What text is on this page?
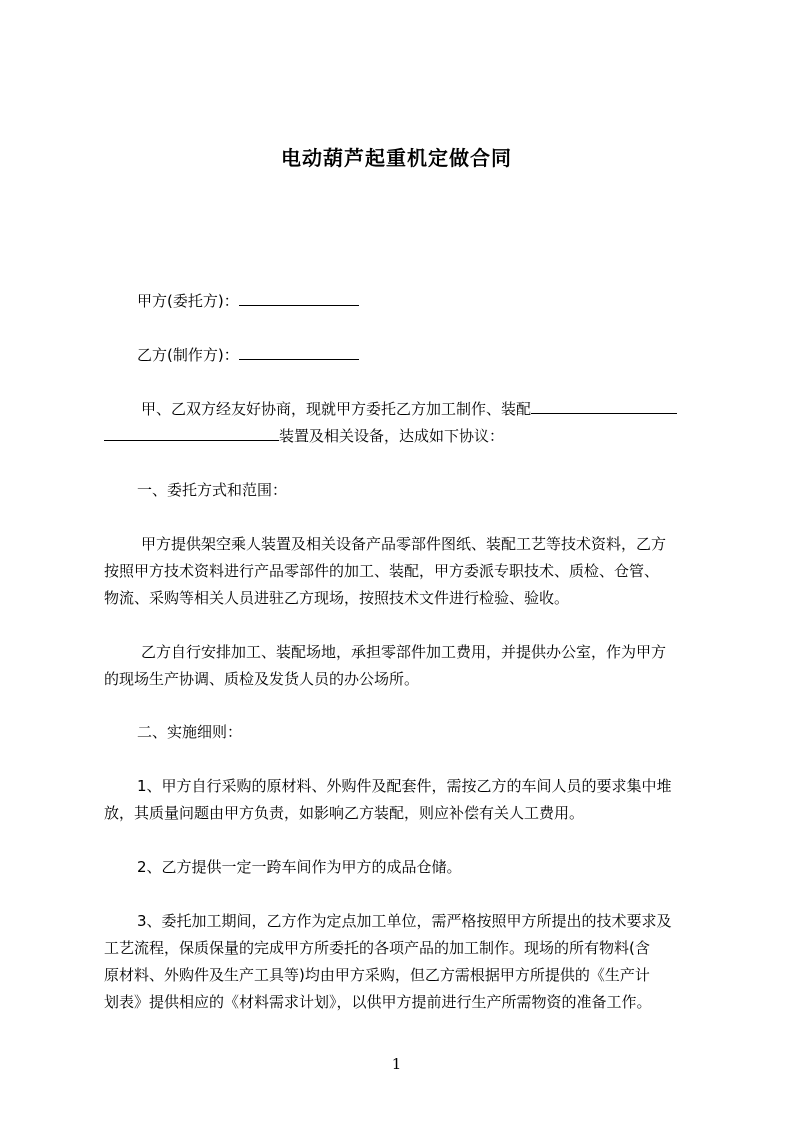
电动葫芦起重机定做合同
甲方(委托方)：
乙方(制作方)：
甲、乙双方经友好协商，现就甲方委托乙方加工制作、装配
装置及相关设备，达成如下协议：
一、委托方式和范围：
甲方提供架空乘人装置及相关设备产品零部件图纸、装配工艺等技术资料，乙方
按照甲方技术资料进行产品零部件的加工、装配，甲方委派专职技术、质检、仓管、
物流、采购等相关人员进驻乙方现场，按照技术文件进行检验、验收。
乙方自行安排加工、装配场地，承担零部件加工费用，并提供办公室，作为甲方
的现场生产协调、质检及发货人员的办公场所。
二、实施细则：
1、甲方自行采购的原材料、外购件及配套件，需按乙方的车间人员的要求集中堆
放，其质量问题由甲方负责，如影响乙方装配，则应补偿有关人工费用。
2、乙方提供一定一跨车间作为甲方的成品仓储。
3、委托加工期间，乙方作为定点加工单位，需严格按照甲方所提出的技术要求及
工艺流程，保质保量的完成甲方所委托的各项产品的加工制作。现场的所有物料(含
原材料、外购件及生产工具等)均由甲方采购，但乙方需根据甲方所提供的《生产计
划表》提供相应的《材料需求计划》，以供甲方提前进行生产所需物资的准备工作。
1
